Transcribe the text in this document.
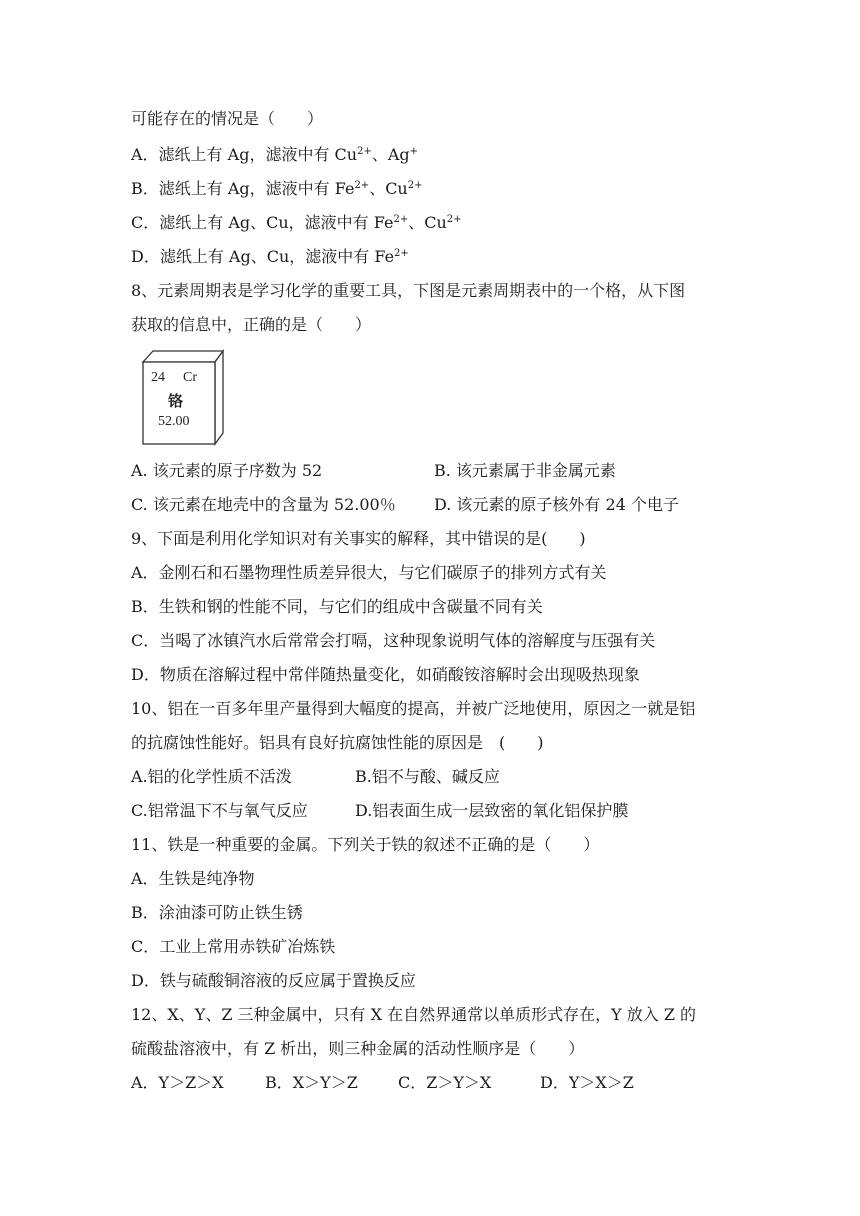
可能存在的情况是（　　）
A．滤纸上有 Ag，滤液中有 $Cu^{2+}$、Ag+
B．滤纸上有 Ag，滤液中有 $Fe^{2+}$、$Cu^{2+}$
C．滤纸上有 Ag、Cu，滤液中有 $Fe^{2+}$、$Cu^{2+}$
D．滤纸上有 Ag、Cu，滤液中有 $Fe^{2+}$
8、元素周期表是学习化学的重要工具，下图是元素周期表中的一个格，从下图
获取的信息中，正确的是（　　）
24 Cr
铬
52.00
A. 该元素的原子序数为 52	B. 该元素属于非金属元素
C. 该元素在地壳中的含量为 52.00％ D. 该元素的原子核外有 24 个电子
9、下面是利用化学知识对有关事实的解释，其中错误的是(　　)
A．金刚石和石墨物理性质差异很大，与它们碳原子的排列方式有关
B．生铁和钢的性能不同，与它们的组成中含碳量不同有关
C．当喝了冰镇汽水后常常会打嗝，这种现象说明气体的溶解度与压强有关
D．物质在溶解过程中常伴随热量变化，如硝酸铵溶解时会出现吸热现象
10、铝在一百多年里产量得到大幅度的提高，并被广泛地使用，原因之一就是铝
的抗腐蚀性能好。铝具有良好抗腐蚀性能的原因是　(　　)
A.铝的化学性质不活泼	B.铝不与酸、碱反应
C.铝常温下不与氧气反应	D.铝表面生成一层致密的氧化铝保护膜
11、铁是一种重要的金属。下列关于铁的叙述不正确的是（　　）
A．生铁是纯净物
B．涂油漆可防止铁生锈
C．工业上常用赤铁矿冶炼铁
D．铁与硫酸铜溶液的反应属于置换反应
12、X、Y、Z 三种金属中，只有 X 在自然界通常以单质形式存在，Y 放入 Z 的
硫酸盐溶液中，有 Z 析出，则三种金属的活动性顺序是（　　）
A．Y＞Z＞X	B．X＞Y＞Z	C．Z＞Y＞X	D．Y＞X＞Z
